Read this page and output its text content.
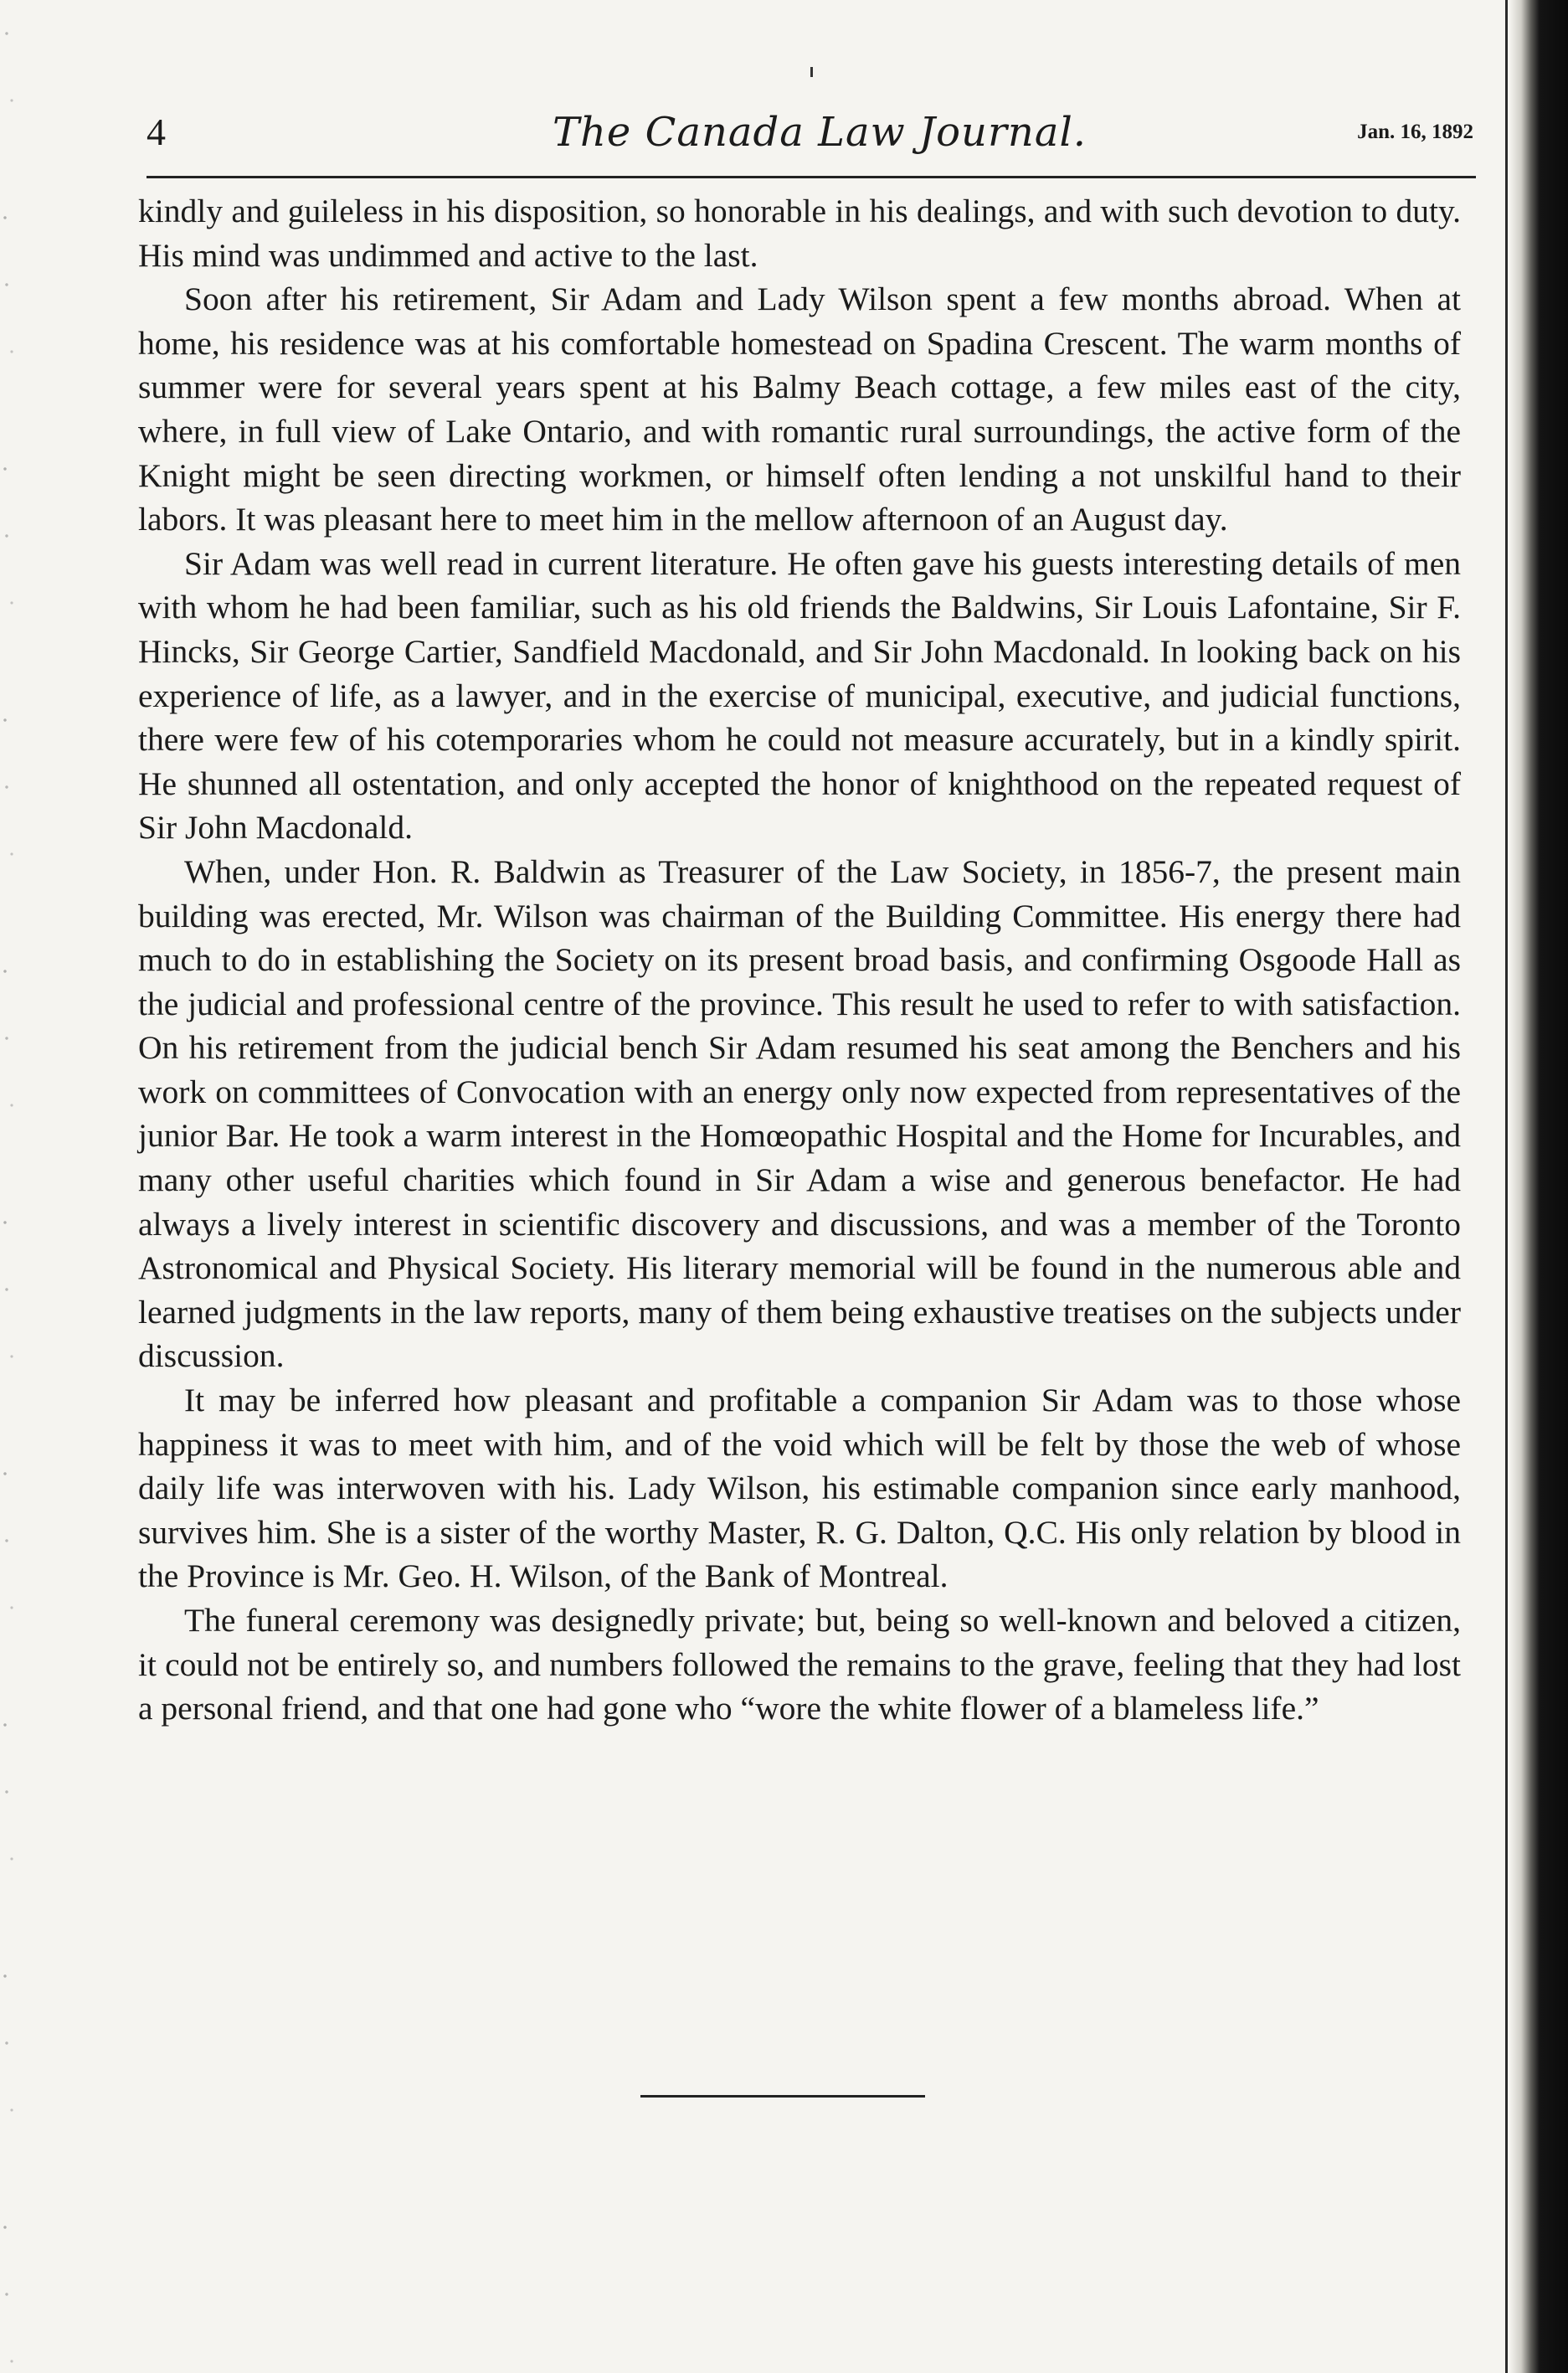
4	The Canada Law Journal.	Jan. 16, 1892

kindly and guileless in his disposition, so honorable in his dealings, and with such devotion to duty. His mind was undimmed and active to the last.

Soon after his retirement, Sir Adam and Lady Wilson spent a few months abroad. When at home, his residence was at his comfortable homestead on Spadina Crescent. The warm months of summer were for several years spent at his Balmy Beach cottage, a few miles east of the city, where, in full view of Lake Ontario, and with romantic rural surroundings, the active form of the Knight might be seen directing workmen, or himself often lending a not unskilful hand to their labors. It was pleasant here to meet him in the mellow afternoon of an August day.

Sir Adam was well read in current literature. He often gave his guests interesting details of men with whom he had been familiar, such as his old friends the Baldwins, Sir Louis Lafontaine, Sir F. Hincks, Sir George Cartier, Sandfield Macdonald, and Sir John Macdonald. In looking back on his experience of life, as a lawyer, and in the exercise of municipal, executive, and judicial functions, there were few of his cotemporaries whom he could not measure accurately, but in a kindly spirit. He shunned all ostentation, and only accepted the honor of knighthood on the repeated request of Sir John Macdonald.

When, under Hon. R. Baldwin as Treasurer of the Law Society, in 1856-7, the present main building was erected, Mr. Wilson was chairman of the Building Committee. His energy there had much to do in establishing the Society on its present broad basis, and confirming Osgoode Hall as the judicial and professional centre of the province. This result he used to refer to with satisfaction. On his retirement from the judicial bench Sir Adam resumed his seat among the Benchers and his work on committees of Convocation with an energy only now expected from representatives of the junior Bar. He took a warm interest in the Homœopathic Hospital and the Home for Incurables, and many other useful charities which found in Sir Adam a wise and generous benefactor. He had always a lively interest in scientific discovery and discussions, and was a member of the Toronto Astronomical and Physical Society. His literary memorial will be found in the numerous able and learned judgments in the law reports, many of them being exhaustive treatises on the subjects under discussion.

It may be inferred how pleasant and profitable a companion Sir Adam was to those whose happiness it was to meet with him, and of the void which will be felt by those the web of whose daily life was interwoven with his. Lady Wilson, his estimable companion since early manhood, survives him. She is a sister of the worthy Master, R. G. Dalton, Q.C. His only relation by blood in the Province is Mr. Geo. H. Wilson, of the Bank of Montreal.

The funeral ceremony was designedly private; but, being so well-known and beloved a citizen, it could not be entirely so, and numbers followed the remains to the grave, feeling that they had lost a personal friend, and that one had gone who “wore the white flower of a blameless life.”
